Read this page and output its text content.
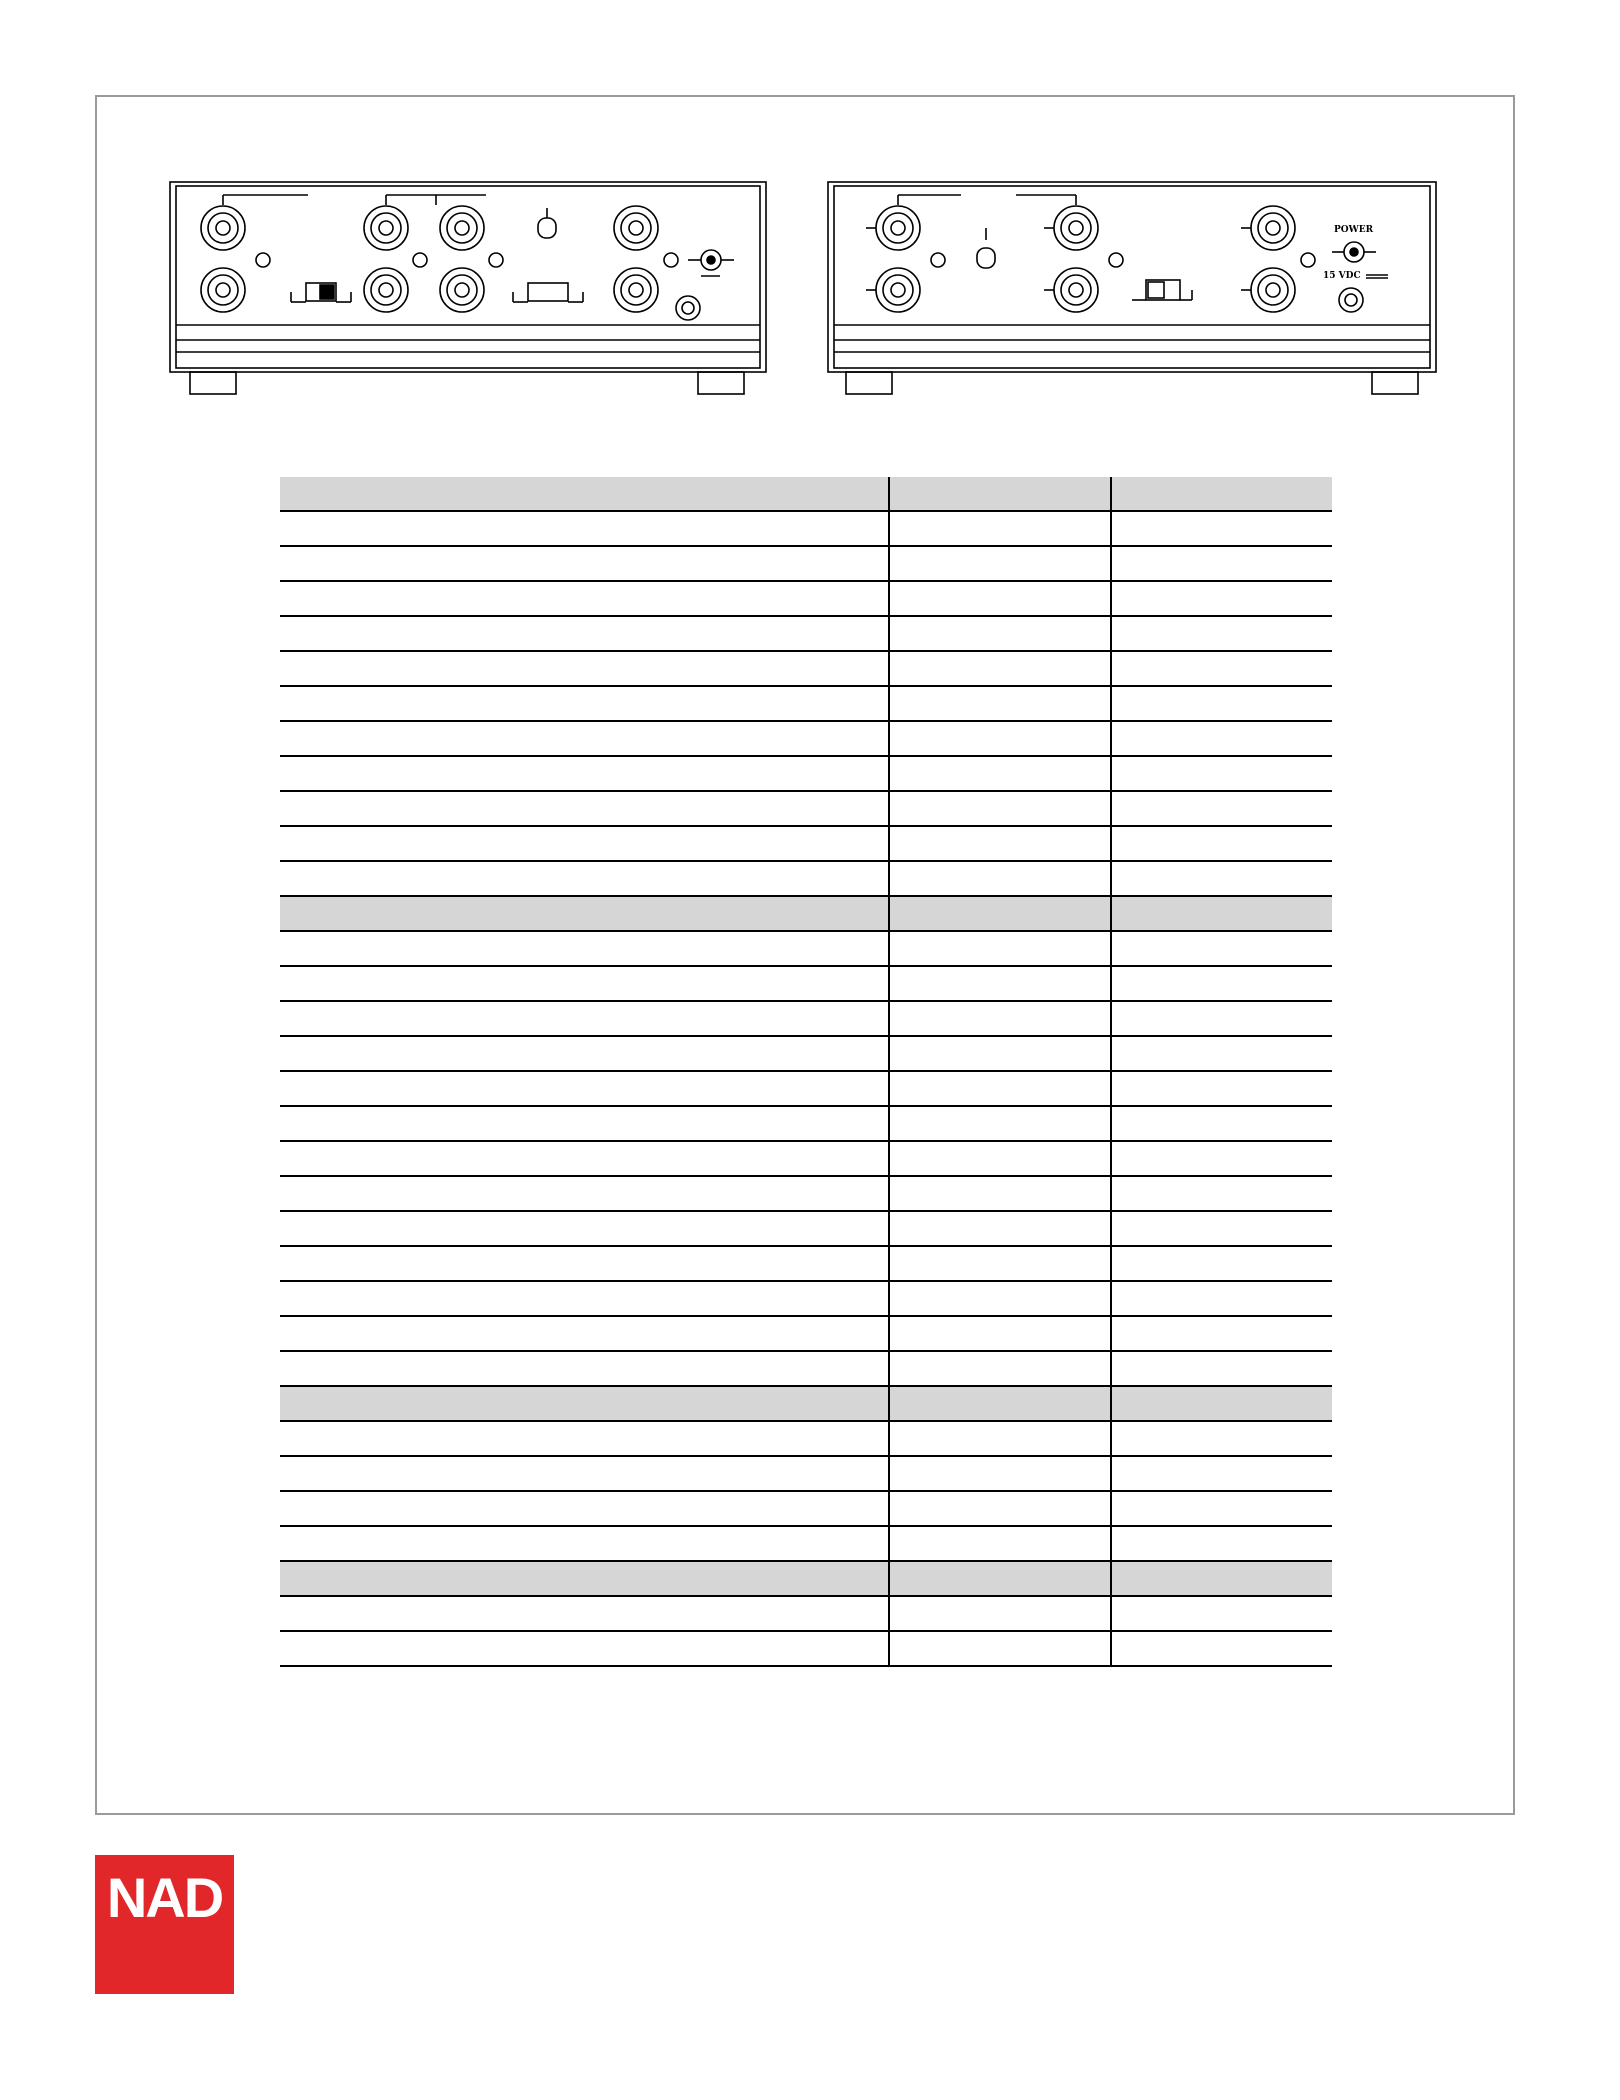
POWER
15 VDC

NAD
